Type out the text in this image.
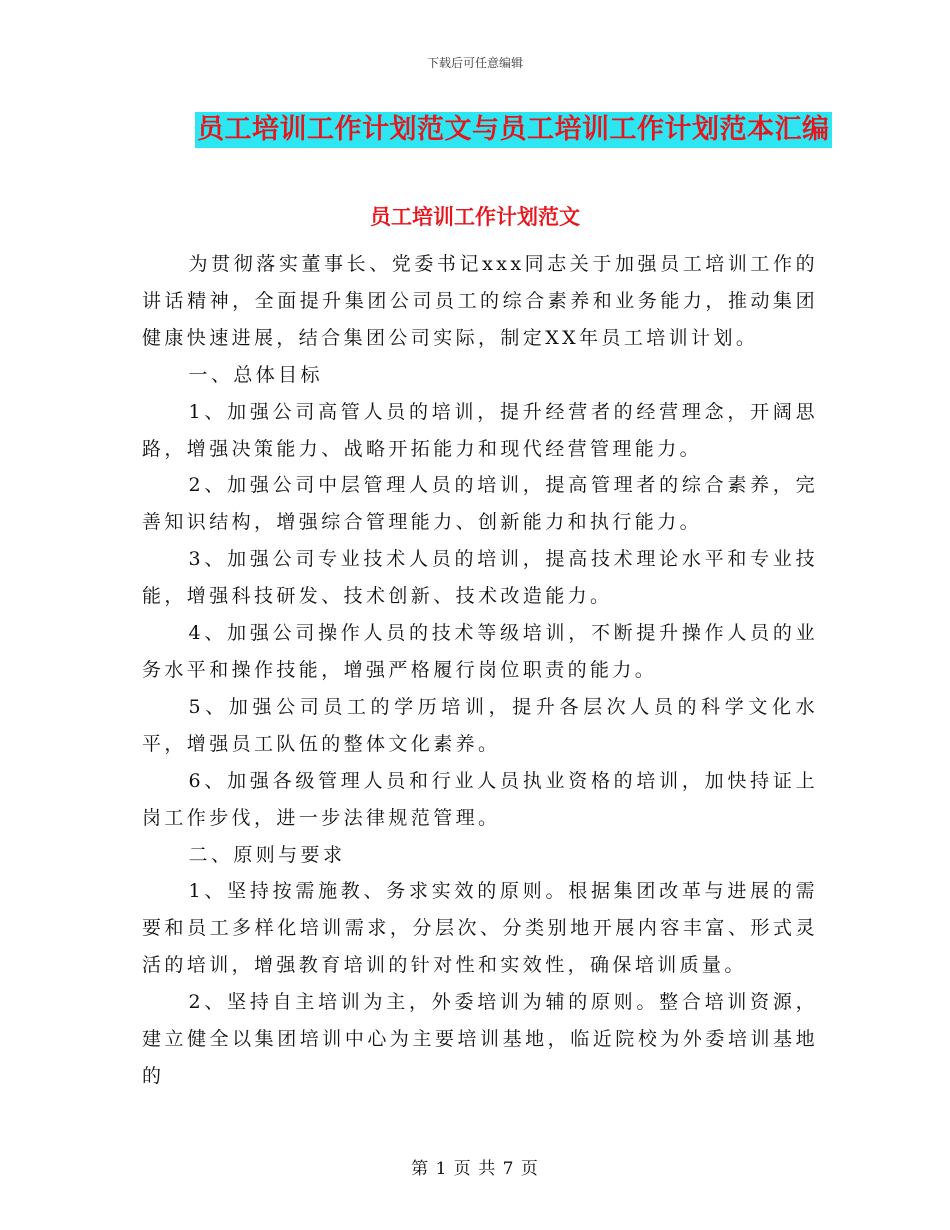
下载后可任意编辑
员工培训工作计划范文与员工培训工作计划范本汇编
员工培训工作计划范文

为贯彻落实董事长、党委书记xxx同志关于加强员工培训工作的讲话精神，全面提升集团公司员工的综合素养和业务能力，推动集团健康快速进展，结合集团公司实际，制定XX年员工培训计划。

一、总体目标

1、加强公司高管人员的培训，提升经营者的经营理念，开阔思路，增强决策能力、战略开拓能力和现代经营管理能力。

2、加强公司中层管理人员的培训，提高管理者的综合素养，完善知识结构，增强综合管理能力、创新能力和执行能力。

3、加强公司专业技术人员的培训，提高技术理论水平和专业技能，增强科技研发、技术创新、技术改造能力。

4、加强公司操作人员的技术等级培训，不断提升操作人员的业务水平和操作技能，增强严格履行岗位职责的能力。

5、加强公司员工的学历培训，提升各层次人员的科学文化水平，增强员工队伍的整体文化素养。

6、加强各级管理人员和行业人员执业资格的培训，加快持证上岗工作步伐，进一步法律规范管理。

二、原则与要求

1、坚持按需施教、务求实效的原则。根据集团改革与进展的需要和员工多样化培训需求，分层次、分类别地开展内容丰富、形式灵活的培训，增强教育培训的针对性和实效性，确保培训质量。

2、坚持自主培训为主，外委培训为辅的原则。整合培训资源，建立健全以集团培训中心为主要培训基地，临近院校为外委培训基地的

第 1 页 共 7 页
